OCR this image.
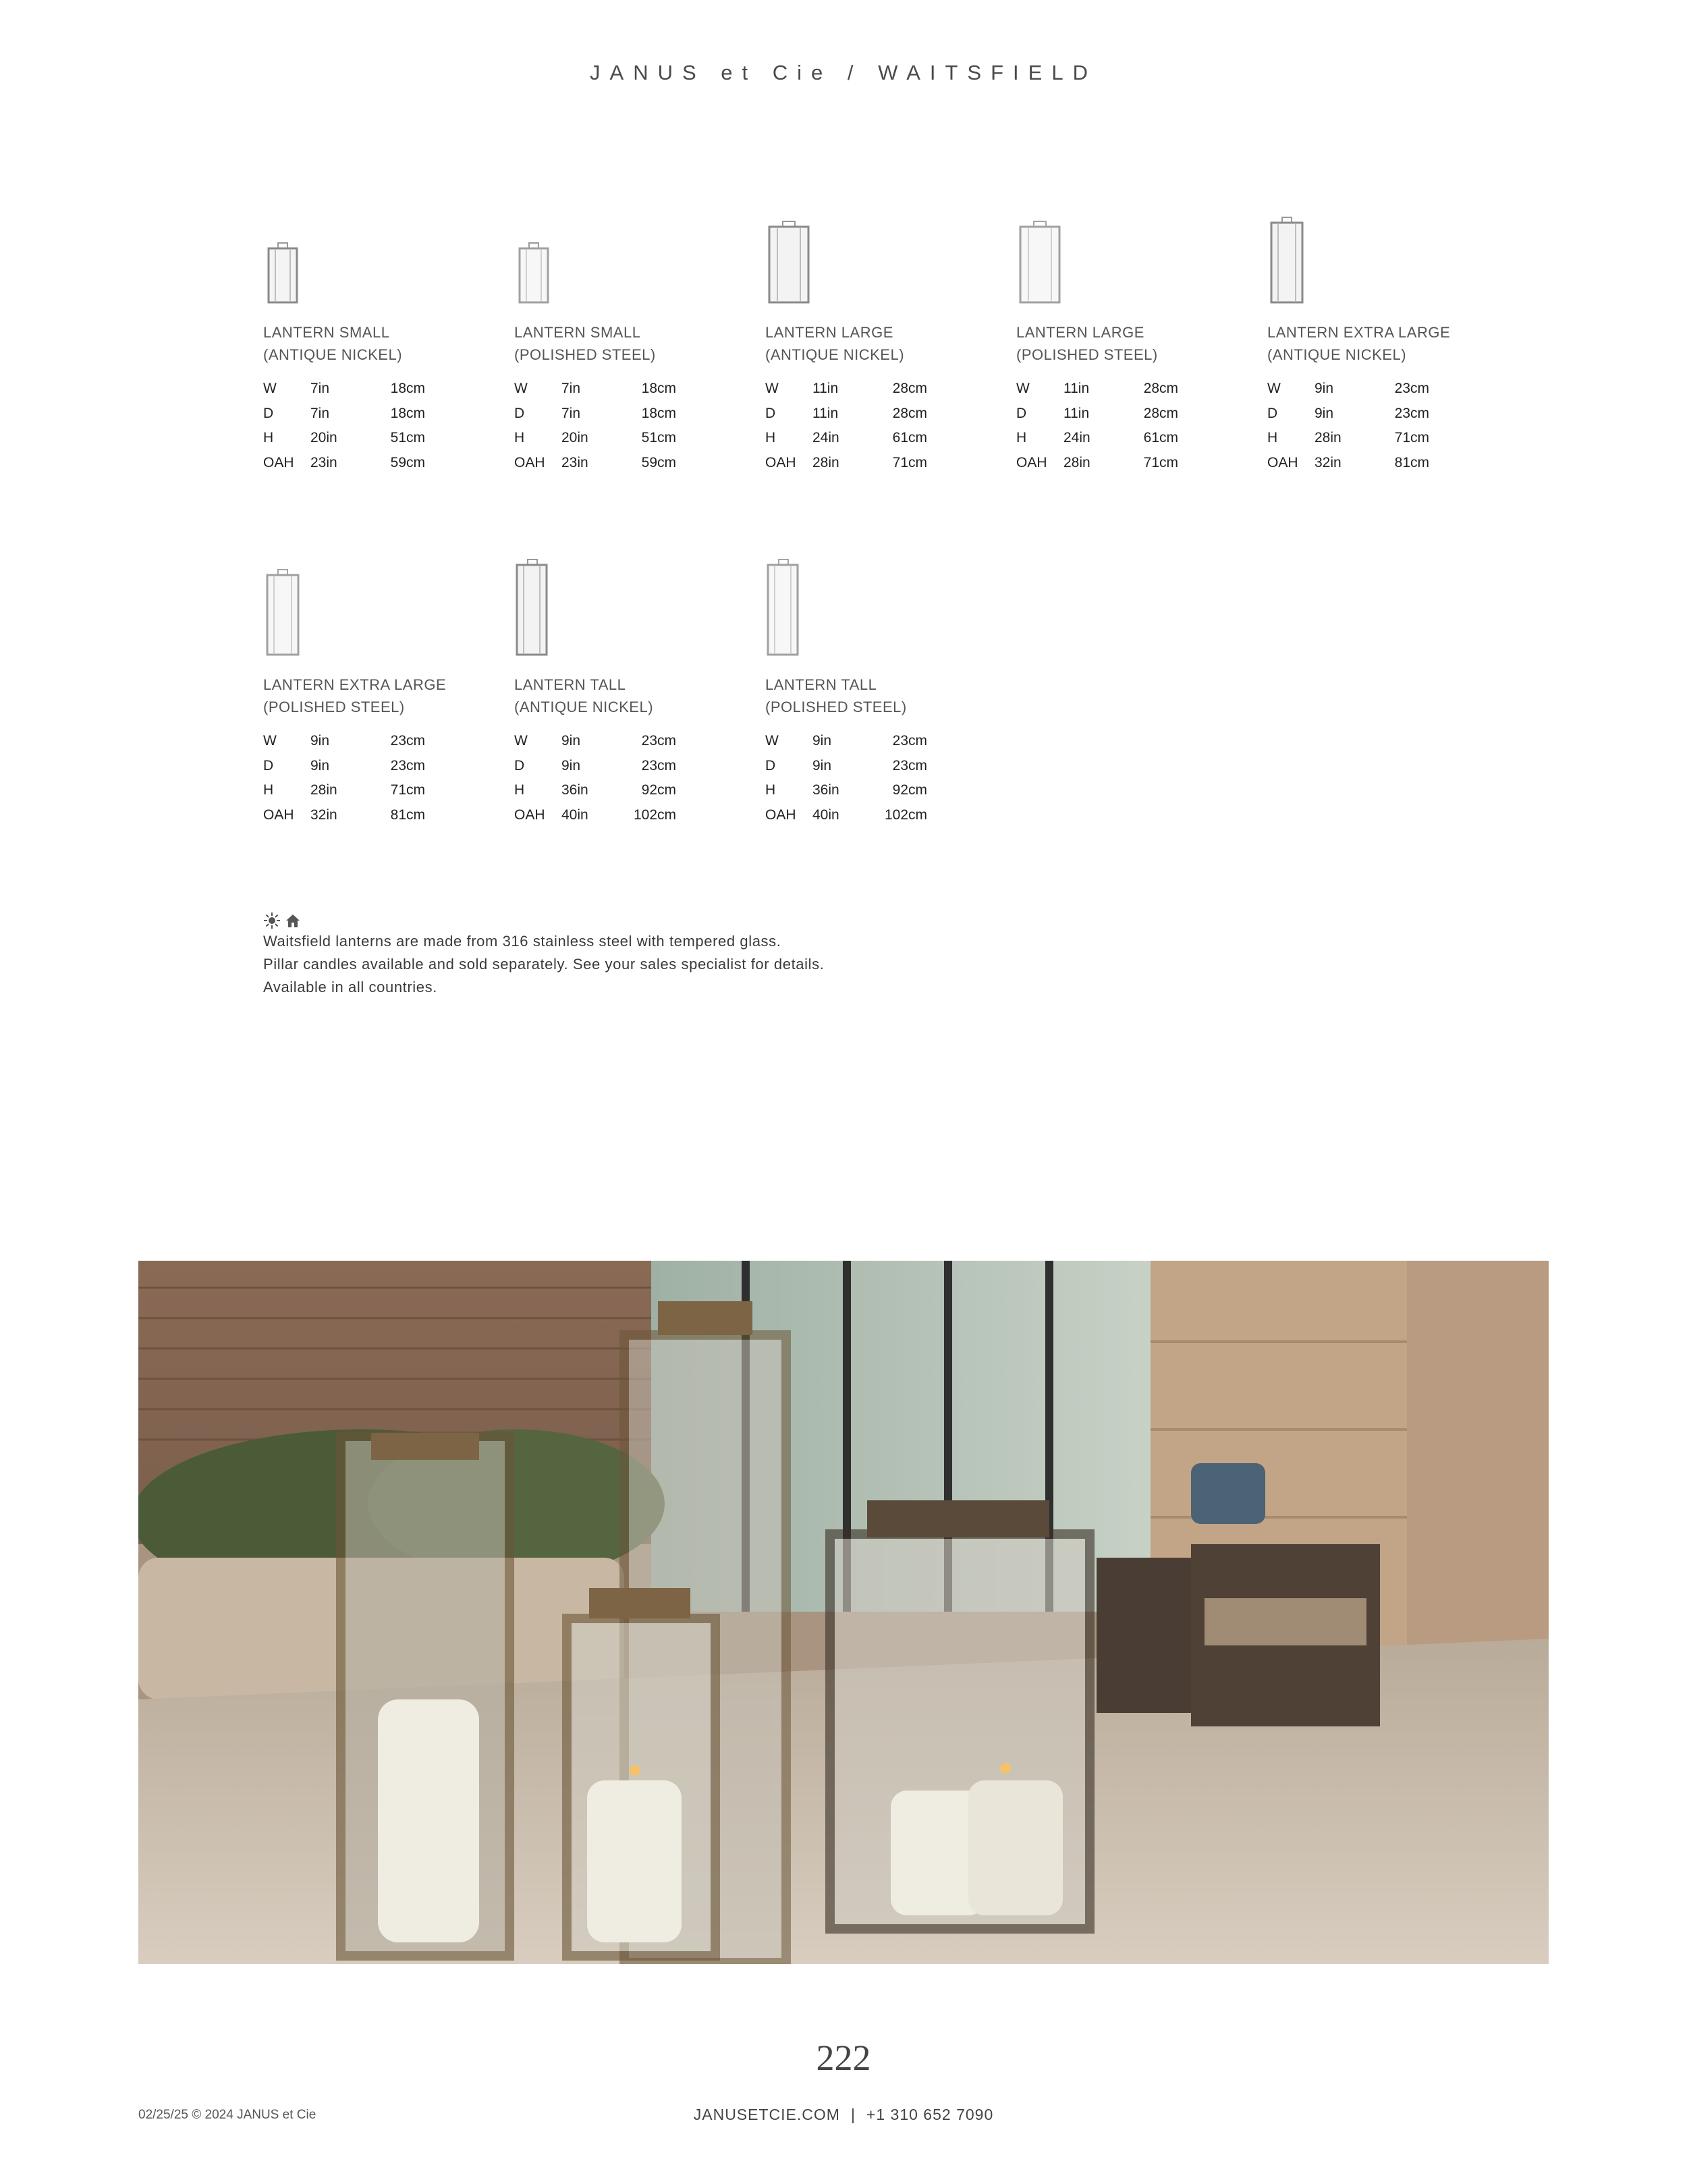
JANUS et Cie / WAITSFIELD
LANTERN SMALL
(ANTIQUE NICKEL)
W	7in	18cm
D	7in	18cm
H	20in	51cm
OAH	23in	59cm
LANTERN SMALL
(POLISHED STEEL)
W	7in	18cm
D	7in	18cm
H	20in	51cm
OAH	23in	59cm
LANTERN LARGE
(ANTIQUE NICKEL)
W	11in	28cm
D	11in	28cm
H	24in	61cm
OAH	28in	71cm
LANTERN LARGE
(POLISHED STEEL)
W	11in	28cm
D	11in	28cm
H	24in	61cm
OAH	28in	71cm
LANTERN EXTRA LARGE
(ANTIQUE NICKEL)
W	9in	23cm
D	9in	23cm
H	28in	71cm
OAH	32in	81cm
LANTERN EXTRA LARGE
(POLISHED STEEL)
W	9in	23cm
D	9in	23cm
H	28in	71cm
OAH	32in	81cm
LANTERN TALL
(ANTIQUE NICKEL)
W	9in	23cm
D	9in	23cm
H	36in	92cm
OAH	40in	102cm
LANTERN TALL
(POLISHED STEEL)
W	9in	23cm
D	9in	23cm
H	36in	92cm
OAH	40in	102cm

Waitsfield lanterns are made from 316 stainless steel with tempered glass.

Pillar candles available and sold separately. See your sales specialist for details.

Available in all countries.

222
02/25/25 © 2024 JANUS et Cie	JANUSETCIE.COM | +1 310 652 7090
